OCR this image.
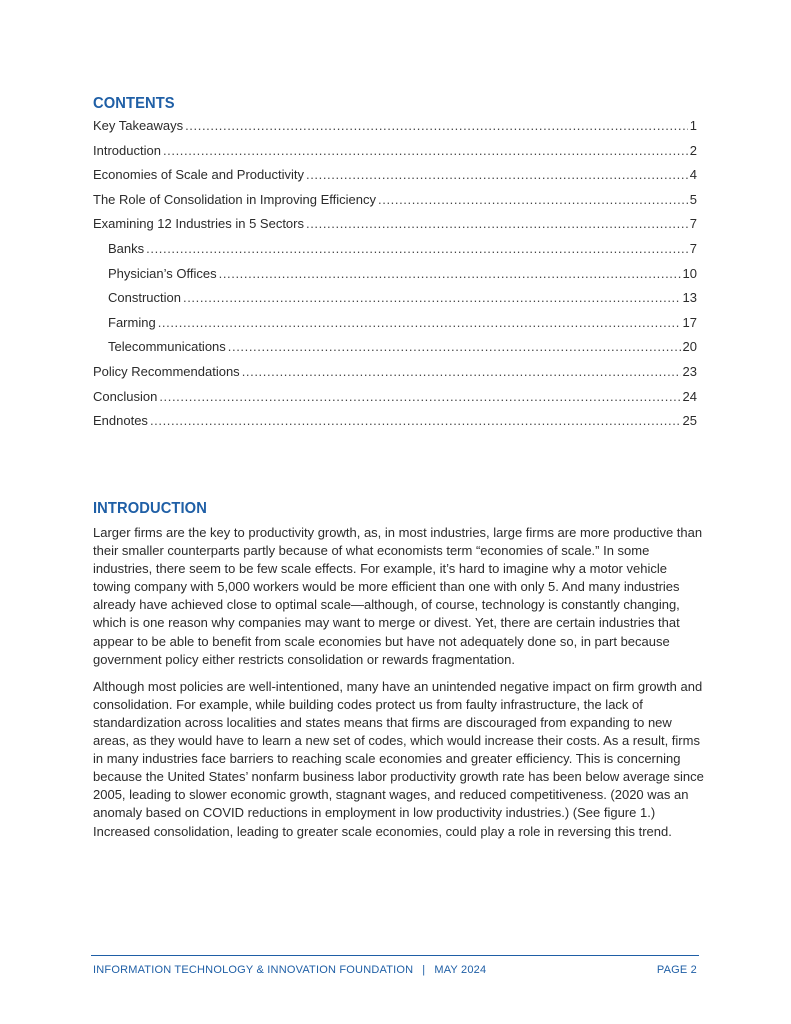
CONTENTS
Key Takeaways .....	1
Introduction .....	2
Economies of Scale and Productivity .....	4
The Role of Consolidation in Improving Efficiency .....	5
Examining 12 Industries in 5 Sectors .....	7
Banks .....	7
Physician’s Offices .....	10
Construction .....	13
Farming .....	17
Telecommunications .....	20
Policy Recommendations .....	23
Conclusion .....	24
Endnotes .....	25
INTRODUCTION

Larger firms are the key to productivity growth, as, in most industries, large firms are more productive than their smaller counterparts partly because of what economists term “economies of scale.” In some industries, there seem to be few scale effects. For example, it’s hard to imagine why a motor vehicle towing company with 5,000 workers would be more efficient than one with only 5. And many industries already have achieved close to optimal scale—although, of course, technology is constantly changing, which is one reason why companies may want to merge or divest. Yet, there are certain industries that appear to be able to benefit from scale economies but have not adequately done so, in part because government policy either restricts consolidation or rewards fragmentation.

Although most policies are well-intentioned, many have an unintended negative impact on firm growth and consolidation. For example, while building codes protect us from faulty infrastructure, the lack of standardization across localities and states means that firms are discouraged from expanding to new areas, as they would have to learn a new set of codes, which would increase their costs. As a result, firms in many industries face barriers to reaching scale economies and greater efficiency. This is concerning because the United States’ nonfarm business labor productivity growth rate has been below average since 2005, leading to slower economic growth, stagnant wages, and reduced competitiveness. (2020 was an anomaly based on COVID reductions in employment in low productivity industries.) (See figure 1.) Increased consolidation, leading to greater scale economies, could play a role in reversing this trend.

INFORMATION TECHNOLOGY & INNOVATION FOUNDATION | MAY 2024	PAGE 2
